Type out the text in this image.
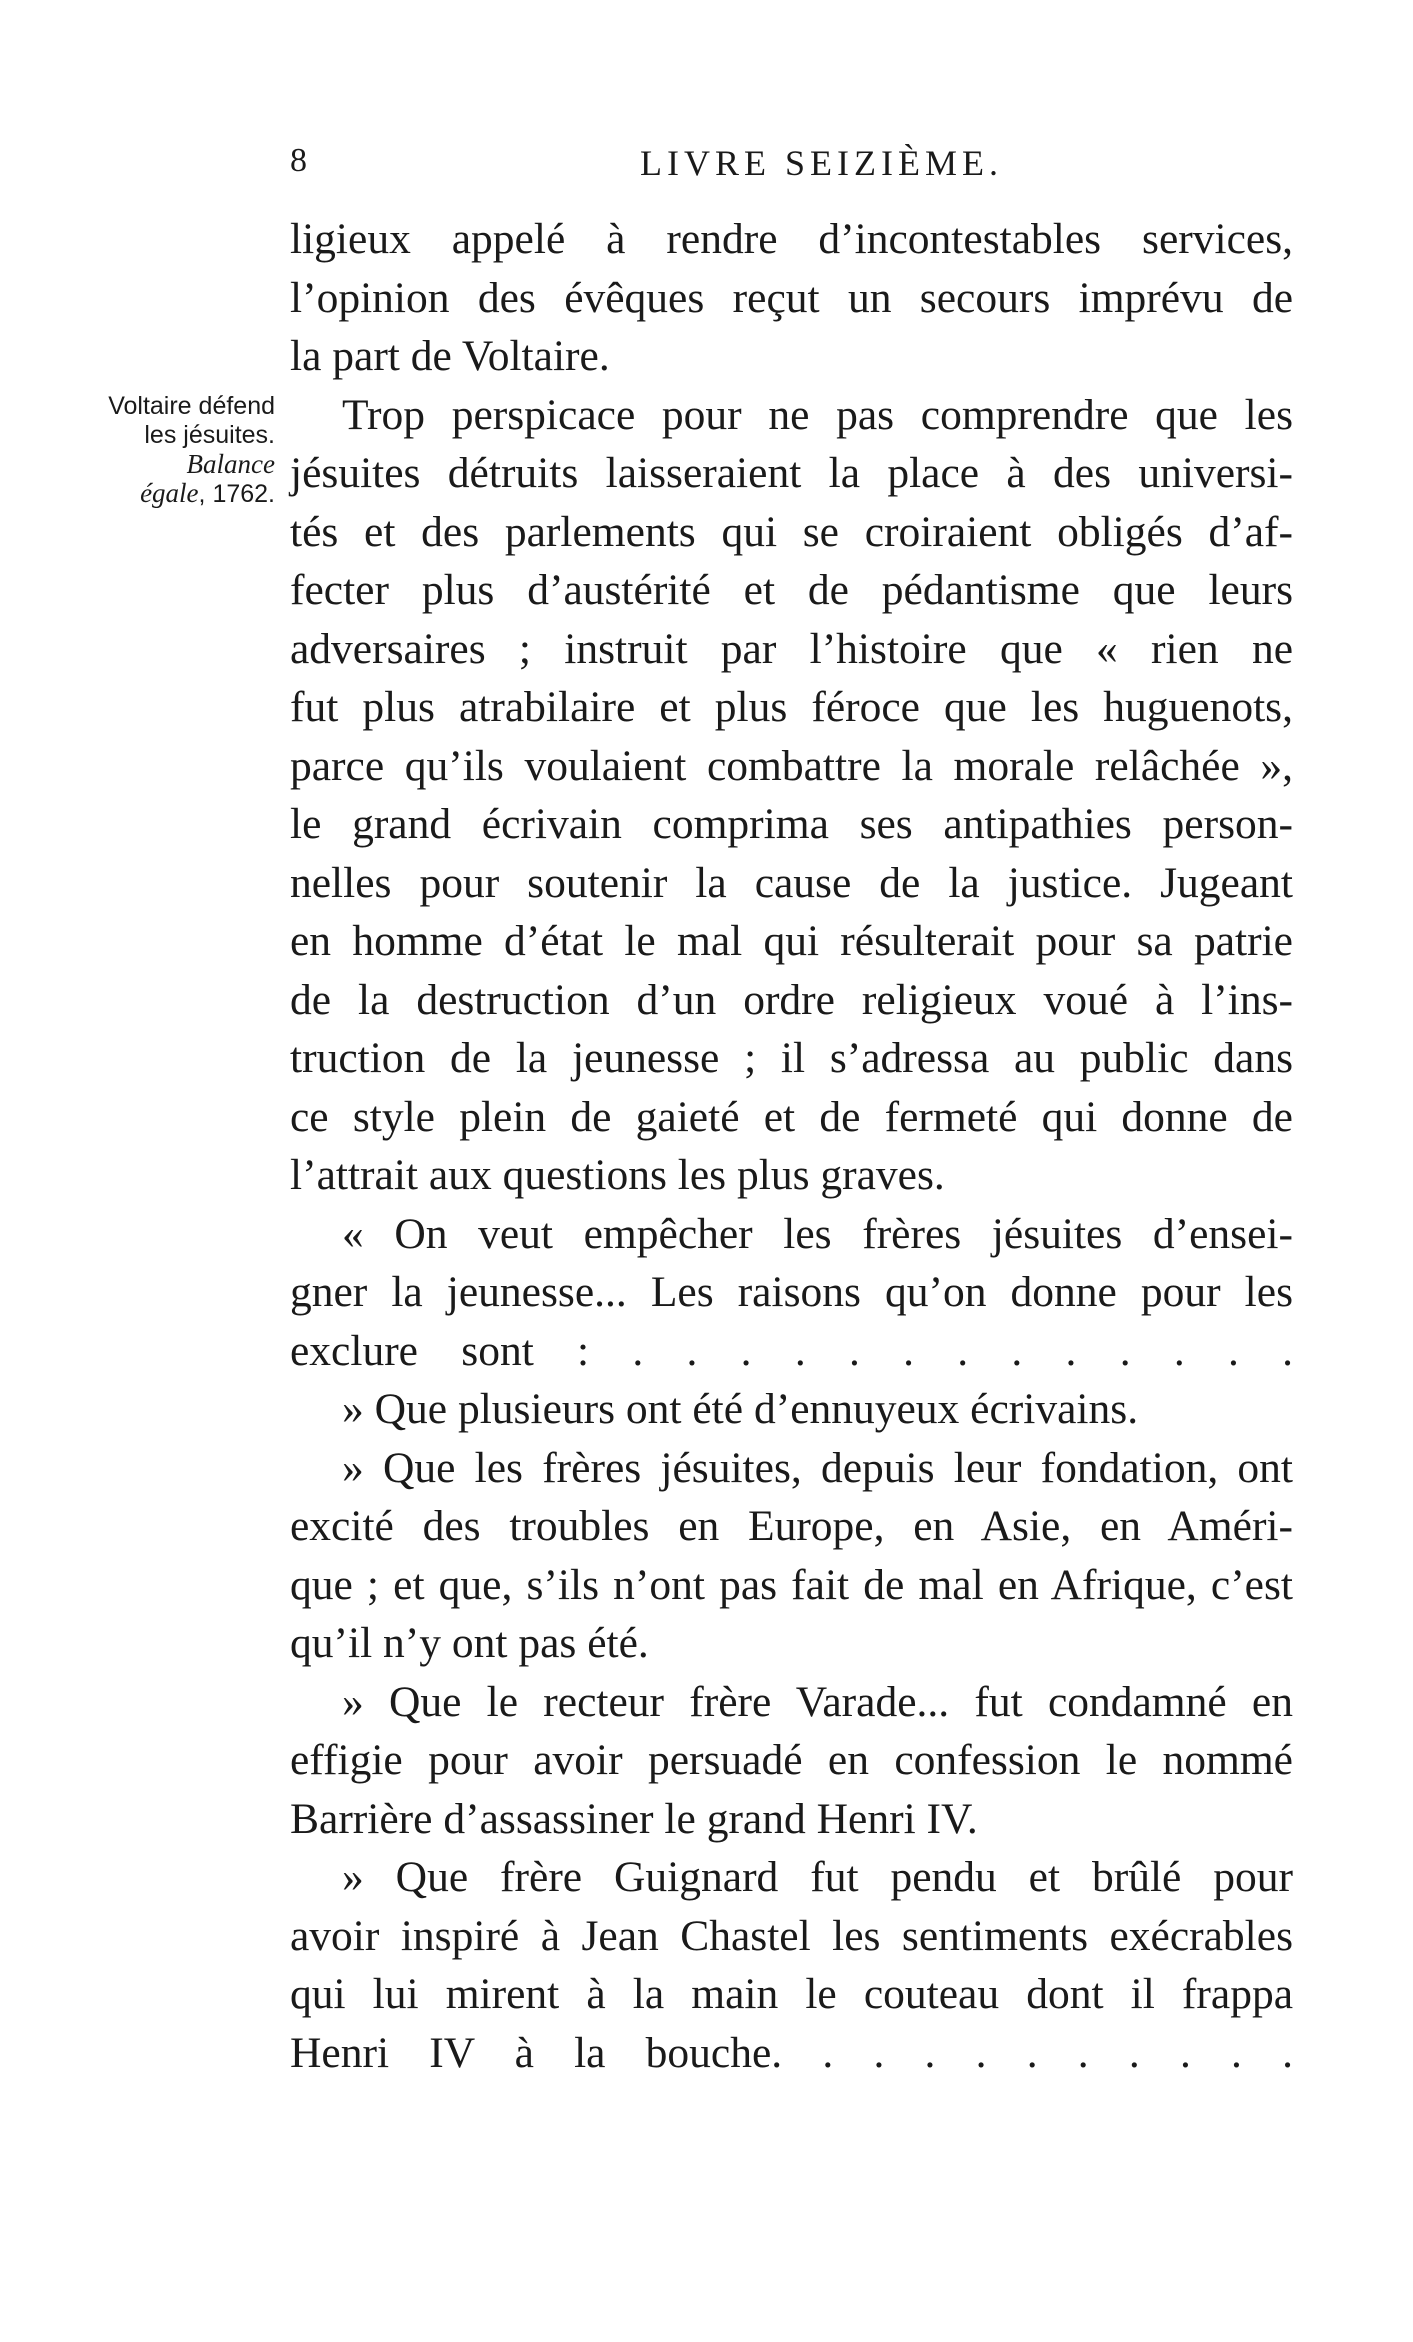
8	LIVRE SEIZIÈME.
Voltaire défend
les jésuites.
Balance
égale, 1762.
ligieux appelé à rendre d’incontestables services,
l’opinion des évêques reçut un secours imprévu de
la part de Voltaire.
Trop perspicace pour ne pas comprendre que les
jésuites détruits laisseraient la place à des universi-
tés et des parlements qui se croiraient obligés d’af-
fecter plus d’austérité et de pédantisme que leurs
adversaires ; instruit par l’histoire que « rien ne
fut plus atrabilaire et plus féroce que les huguenots,
parce qu’ils voulaient combattre la morale relâchée »,
le grand écrivain comprima ses antipathies person-
nelles pour soutenir la cause de la justice. Jugeant
en homme d’état le mal qui résulterait pour sa patrie
de la destruction d’un ordre religieux voué à l’ins-
truction de la jeunesse ; il s’adressa au public dans
ce style plein de gaieté et de fermeté qui donne de
l’attrait aux questions les plus graves.
« On veut empêcher les frères jésuites d’ensei-
gner la jeunesse... Les raisons qu’on donne pour les
exclure sont : . . . . . . . . . . . . .
» Que plusieurs ont été d’ennuyeux écrivains.
» Que les frères jésuites, depuis leur fondation, ont
excité des troubles en Europe, en Asie, en Améri-
que ; et que, s’ils n’ont pas fait de mal en Afrique, c’est
qu’il n’y ont pas été.
» Que le recteur frère Varade... fut condamné en
effigie pour avoir persuadé en confession le nommé
Barrière d’assassiner le grand Henri IV.
» Que frère Guignard fut pendu et brûlé pour
avoir inspiré à Jean Chastel les sentiments exécrables
qui lui mirent à la main le couteau dont il frappa
Henri IV à la bouche. . . . . . . . . . .
